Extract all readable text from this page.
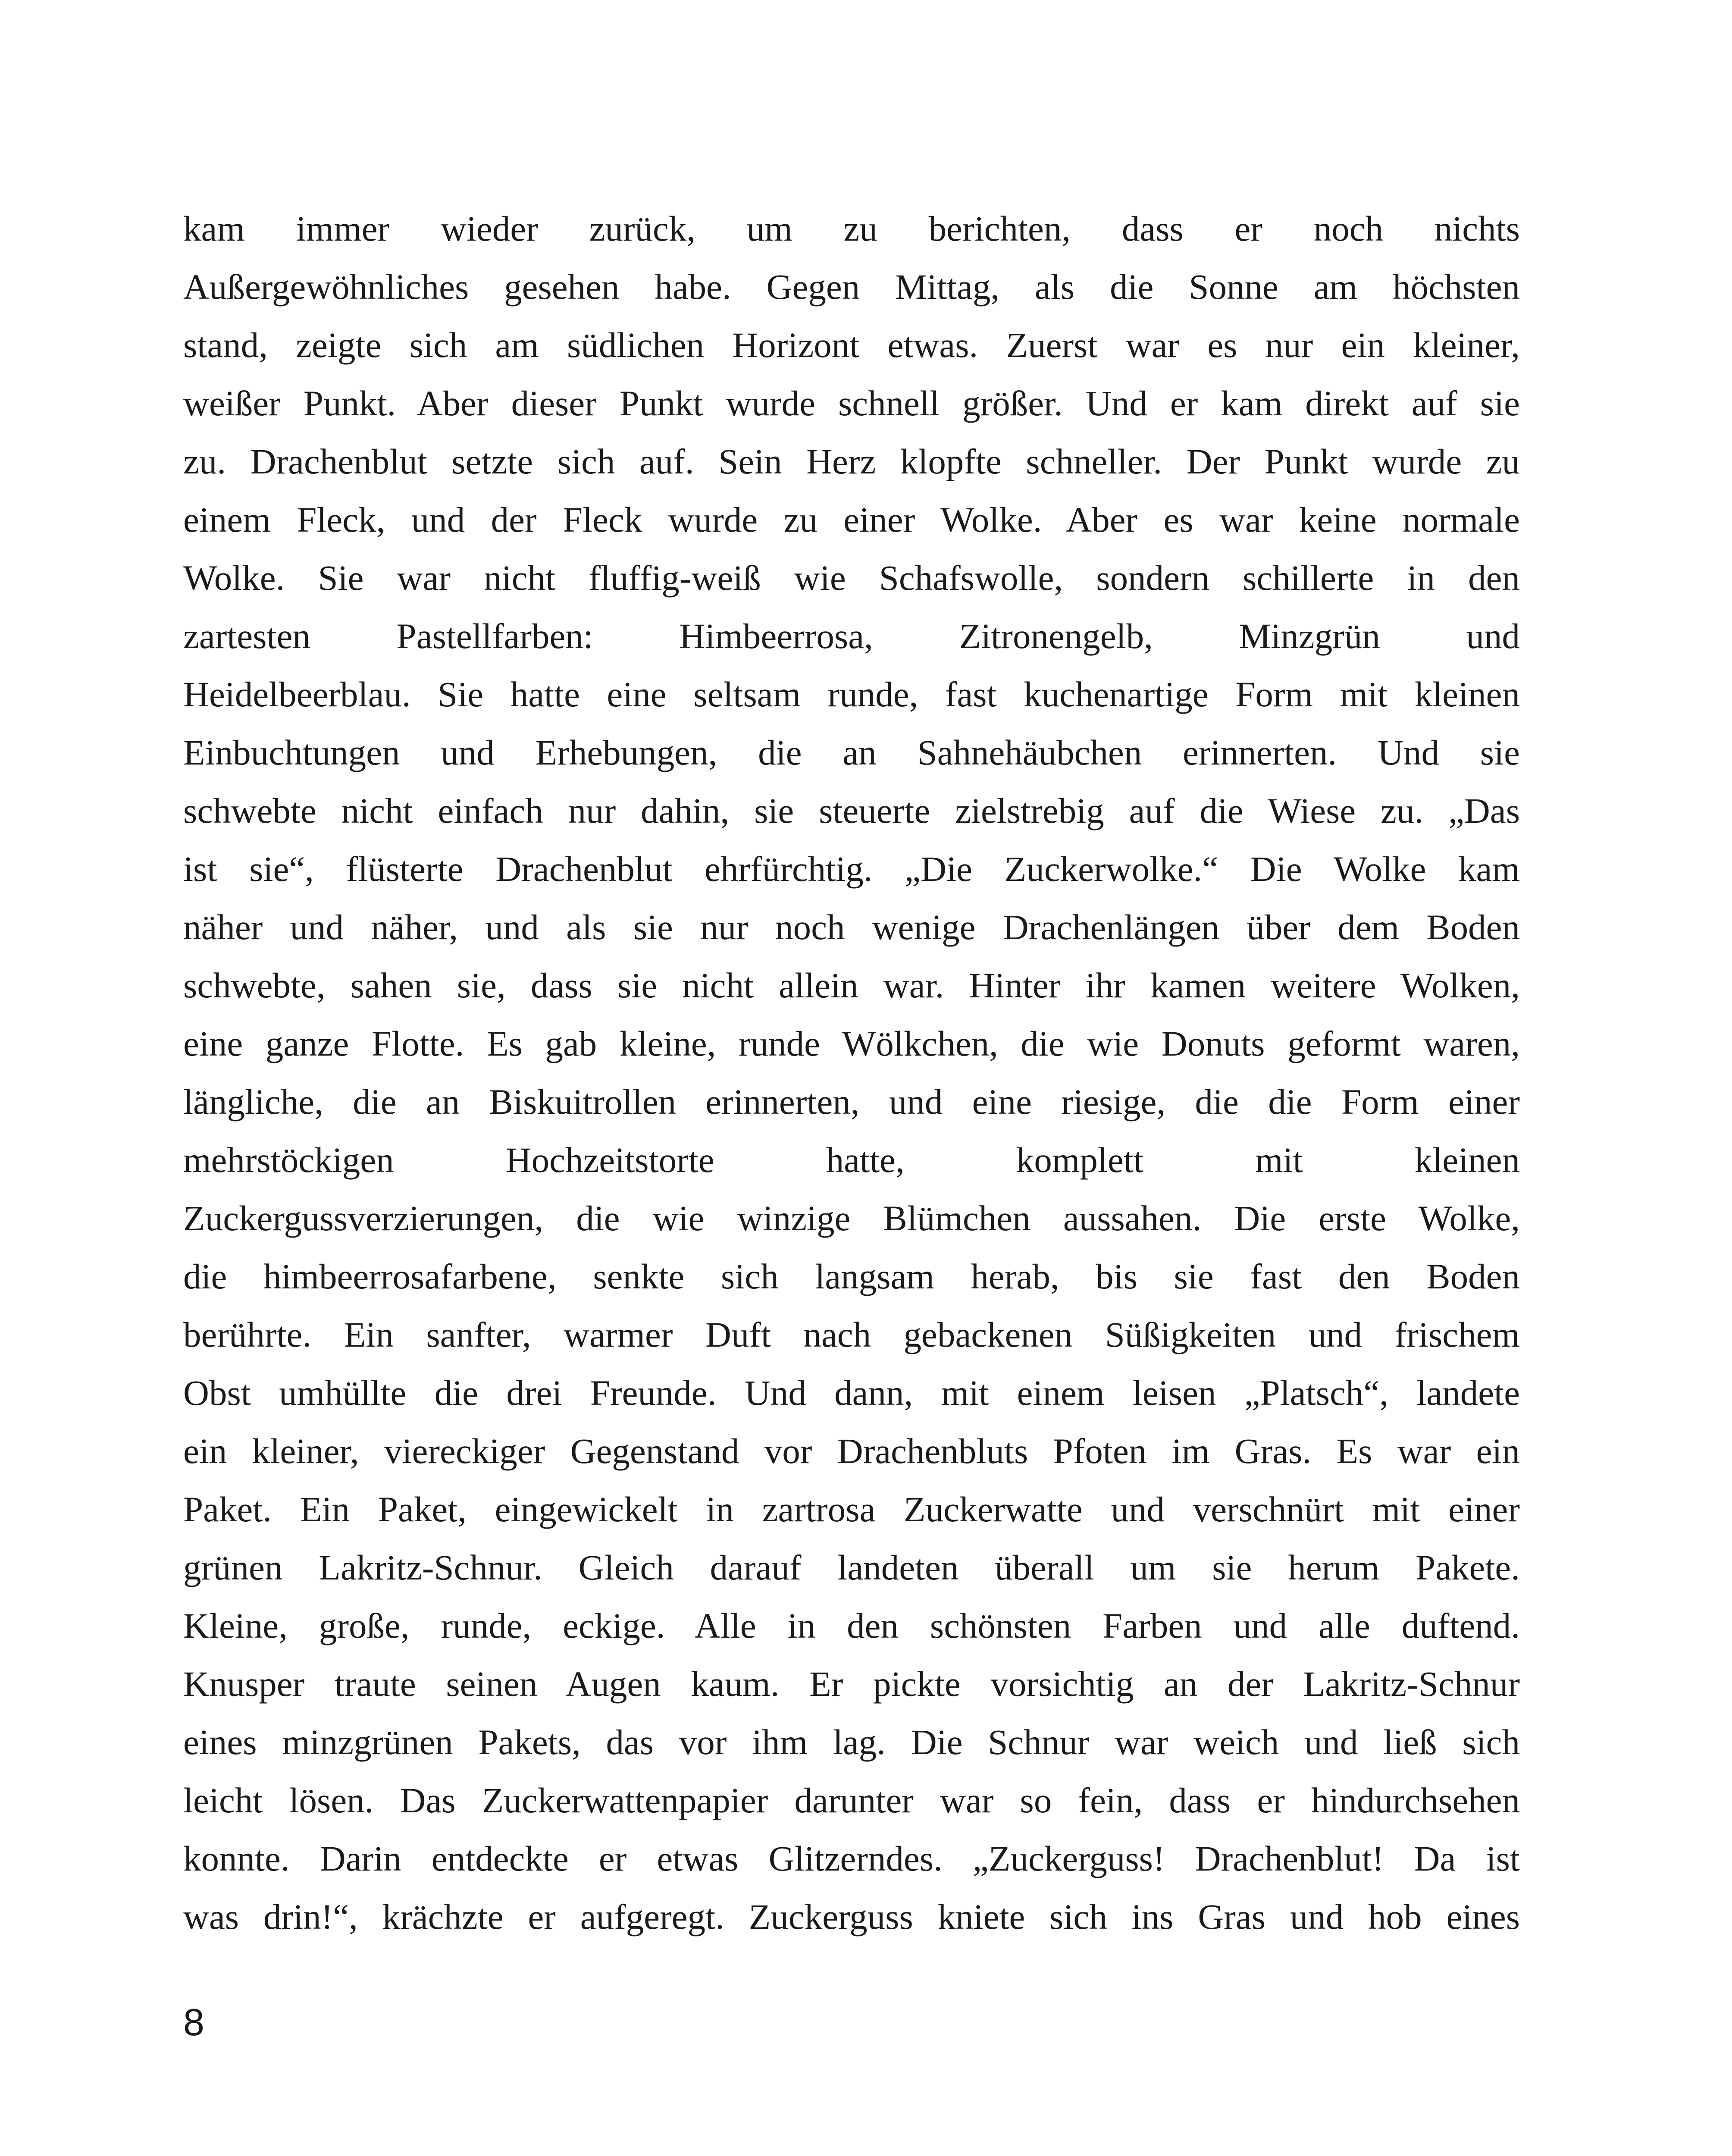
kam immer wieder zurück, um zu berichten, dass er noch nichts
Außergewöhnliches gesehen habe. Gegen Mittag, als die Sonne am höchsten
stand, zeigte sich am südlichen Horizont etwas. Zuerst war es nur ein kleiner,
weißer Punkt. Aber dieser Punkt wurde schnell größer. Und er kam direkt auf sie
zu. Drachenblut setzte sich auf. Sein Herz klopfte schneller. Der Punkt wurde zu
einem Fleck, und der Fleck wurde zu einer Wolke. Aber es war keine normale
Wolke. Sie war nicht fluffig-weiß wie Schafswolle, sondern schillerte in den
zartesten Pastellfarben: Himbeerrosa, Zitronengelb, Minzgrün und
Heidelbeerblau. Sie hatte eine seltsam runde, fast kuchenartige Form mit kleinen
Einbuchtungen und Erhebungen, die an Sahnehäubchen erinnerten. Und sie
schwebte nicht einfach nur dahin, sie steuerte zielstrebig auf die Wiese zu. „Das
ist sie“, flüsterte Drachenblut ehrfürchtig. „Die Zuckerwolke.“ Die Wolke kam
näher und näher, und als sie nur noch wenige Drachenlängen über dem Boden
schwebte, sahen sie, dass sie nicht allein war. Hinter ihr kamen weitere Wolken,
eine ganze Flotte. Es gab kleine, runde Wölkchen, die wie Donuts geformt waren,
längliche, die an Biskuitrollen erinnerten, und eine riesige, die die Form einer
mehrstöckigen Hochzeitstorte hatte, komplett mit kleinen
Zuckergussverzierungen, die wie winzige Blümchen aussahen. Die erste Wolke,
die himbeerrosafarbene, senkte sich langsam herab, bis sie fast den Boden
berührte. Ein sanfter, warmer Duft nach gebackenen Süßigkeiten und frischem
Obst umhüllte die drei Freunde. Und dann, mit einem leisen „Platsch“, landete
ein kleiner, viereckiger Gegenstand vor Drachenbluts Pfoten im Gras. Es war ein
Paket. Ein Paket, eingewickelt in zartrosa Zuckerwatte und verschnürt mit einer
grünen Lakritz-Schnur. Gleich darauf landeten überall um sie herum Pakete.
Kleine, große, runde, eckige. Alle in den schönsten Farben und alle duftend.
Knusper traute seinen Augen kaum. Er pickte vorsichtig an der Lakritz-Schnur
eines minzgrünen Pakets, das vor ihm lag. Die Schnur war weich und ließ sich
leicht lösen. Das Zuckerwattenpapier darunter war so fein, dass er hindurchsehen
konnte. Darin entdeckte er etwas Glitzerndes. „Zuckerguss! Drachenblut! Da ist
was drin!“, krächzte er aufgeregt. Zuckerguss kniete sich ins Gras und hob eines
8
